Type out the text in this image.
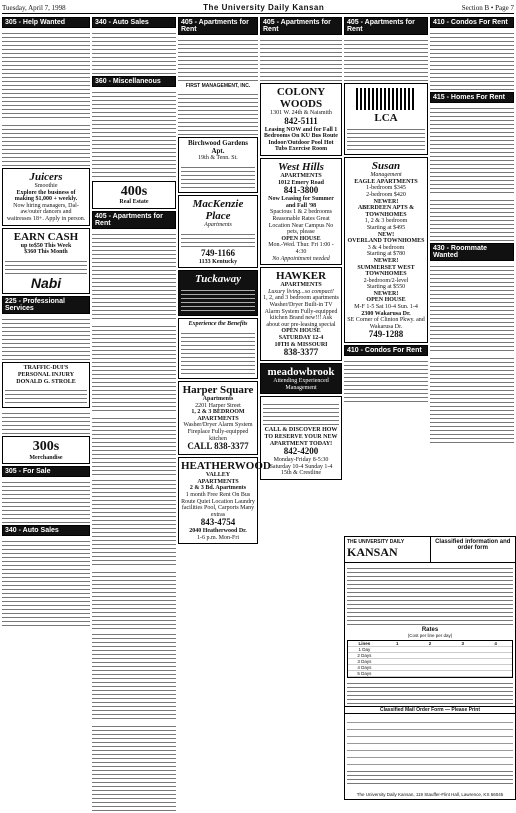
Tuesday, April 7, 1998	The University Daily Kansan	Section B • Page 7
305 - Help Wanted
Juicers
Smoothie
Explore the business of
making $1,000 + weekly.
Now hiring managers, Dal-
aw/outer dancers and
waitresses 18+. Apply in person.
EARN CASH
up to$50 This Week
$360 This Month
Nabi
225 - Professional Services
TRAFFIC-DUI'S
PERSONAL INJURY
DONALD G. STROLE
300s
Merchandise
305 - For Sale
340 - Auto Sales
340 - Auto Sales
360 - Miscellaneous
400s
Real Estate
405 - Apartments for Rent
405 - Apartments for Rent
FIRST MANAGEMENT, INC.
Birchwood Gardens Apt.
19th & Tenn. St.
MacKenzie Place
Apartments
749-1166
1133 Kentucky
Tuckaway
Experience the Benefits
Harper Square
Apartments
2201 Harper Street
1, 2 & 3 BEDROOM
APARTMENTS
Washer/Dryer Alarm System Fireplace Fully-equipped kitchen
CALL 838-3377
HEATHERWOOD
VALLEY
APARTMENTS
2 & 3 Bd. Apartments
1 month Free Rent On Bus Route Quiet Location Laundry facilities Pool, Carports Many extras
843-4754
2040 Heatherwood Dr.
1-6 p.m. Mon-Fri
405 - Apartments for Rent
COLONY
WOODS
1301 W. 24th & Naismith
842-5111
Leasing NOW and for Fall 1 Bedrooms On KU Bus Route Indoor/Outdoor Pool Hot Tubs Exercise Room
West Hills
APARTMENTS
1012 Emery Road
841-3800
Now Leasing for Summer and Fall '98
Spacious 1 & 2 bedrooms Reasonable Rates Great Location Near Campus No pets, please
OPEN HOUSE
Mon.-Wed. Thur. Fri 1:00 - 4:30
No Appointment needed
HAWKER
APARTMENTS
Luxury living...so compact!
1, 2, and 3 bedroom apartments
Washer/Dryer Built-in TV Alarm System Fully-equipped kitchen Brand new!!! Ask about our pre-leasing special
OPEN HOUSE
SATURDAY 12-4
10TH & MISSOURI
838-3377
meadowbrook
Attending Experienced Management
CALL & DISCOVER HOW TO RESERVE YOUR NEW APARTMENT TODAY!
842-4200
Monday-Friday 8-5:30 Saturday 10-4 Sunday 1-4
15th & Crestline
405 - Apartments for Rent
LCA
Susan
Management
EAGLE APARTMENTS
1-bedroom $345
2-bedroom $420
NEWER!
ABERDEEN APTS & TOWNHOMES
1, 2 & 3 bedroom
Starting at $495
NEW!
OVERLAND TOWNHOMES
3 & 4 bedroom
Starting at $780
NEWER!
SUMMERSET WEST TOWNHOMES
2-bedroom/2-level
Starting at $550
NEWER!
OPEN HOUSE
M-F 1-5 Sat 10-4 Sun. 1-4
2300 Wakarusa Dr.
SE Corner of Clinton Pkwy. and Wakarusa Dr.
749-1288
410 - Condos For Rent
410 - Condos For Rent
415 - Homes For Rent
430 - Roommate Wanted
THE UNIVERSITY DAILY
KANSAN
Classified information and order form
Rates
(Cost per line per day)
Lines	1	2	3	4
1 Day
2 Days
3 Days
4 Days
5 Days
Classified Mail Order Form — Please Print
The University Daily Kansan, 119 Stauffer-Flint Hall, Lawrence, KS 66045
